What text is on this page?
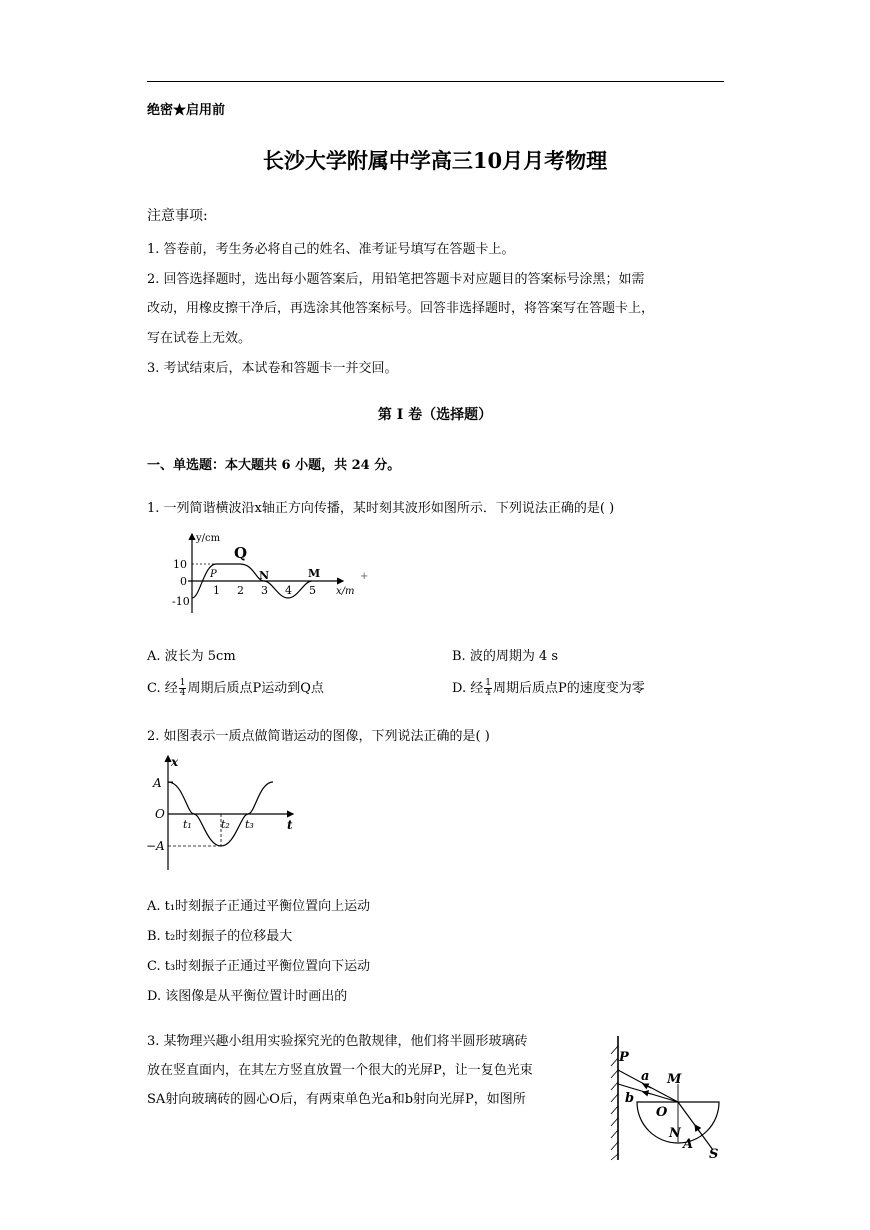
绝密★启用前
长沙大学附属中学高三10月月考物理
注意事项:
1. 答卷前，考生务必将自己的姓名、准考证号填写在答题卡上。
2. 回答选择题时，选出每小题答案后，用铅笔把答题卡对应题目的答案标号涂黑；如需
改动，用橡皮擦干净后，再选涂其他答案标号。回答非选择题时，将答案写在答题卡上，
写在试卷上无效。
3. 考试结束后，本试卷和答题卡一并交回。
第 I 卷（选择题）
一、单选题：本大题共 6 小题，共 24 分。
1. 一列简谐横波沿x轴正方向传播，某时刻其波形如图所示．下列说法正确的是( )
y/cm
10
0
-10
1 2 3 4 5 x/m
P
Q
N	M	+
A. 波长为 5cm	B. 波的周期为 4 s
C. 经 $\frac{1}{4}$ 周期后质点P运动到Q点	D. 经 $\frac{1}{4}$ 周期后质点P的速度变为零
2. 如图表示一质点做简谐运动的图像，下列说法正确的是( )
x
t
O
A
−A
t₁	t₂ t₃
A. t₁时刻振子正通过平衡位置向上运动
B. t₂时刻振子的位移最大
C. t₃时刻振子正通过平衡位置向下运动
D. 该图像是从平衡位置计时画出的
3. 某物理兴趣小组用实验探究光的色散规律，他们将半圆形玻璃砖
放在竖直面内，在其左方竖直放置一个很大的光屏P，让一复色光束
SA射向玻璃砖的圆心O后，有两束单色光a和b射向光屏P，如图所
P
a
b
M
O
N
A
S
